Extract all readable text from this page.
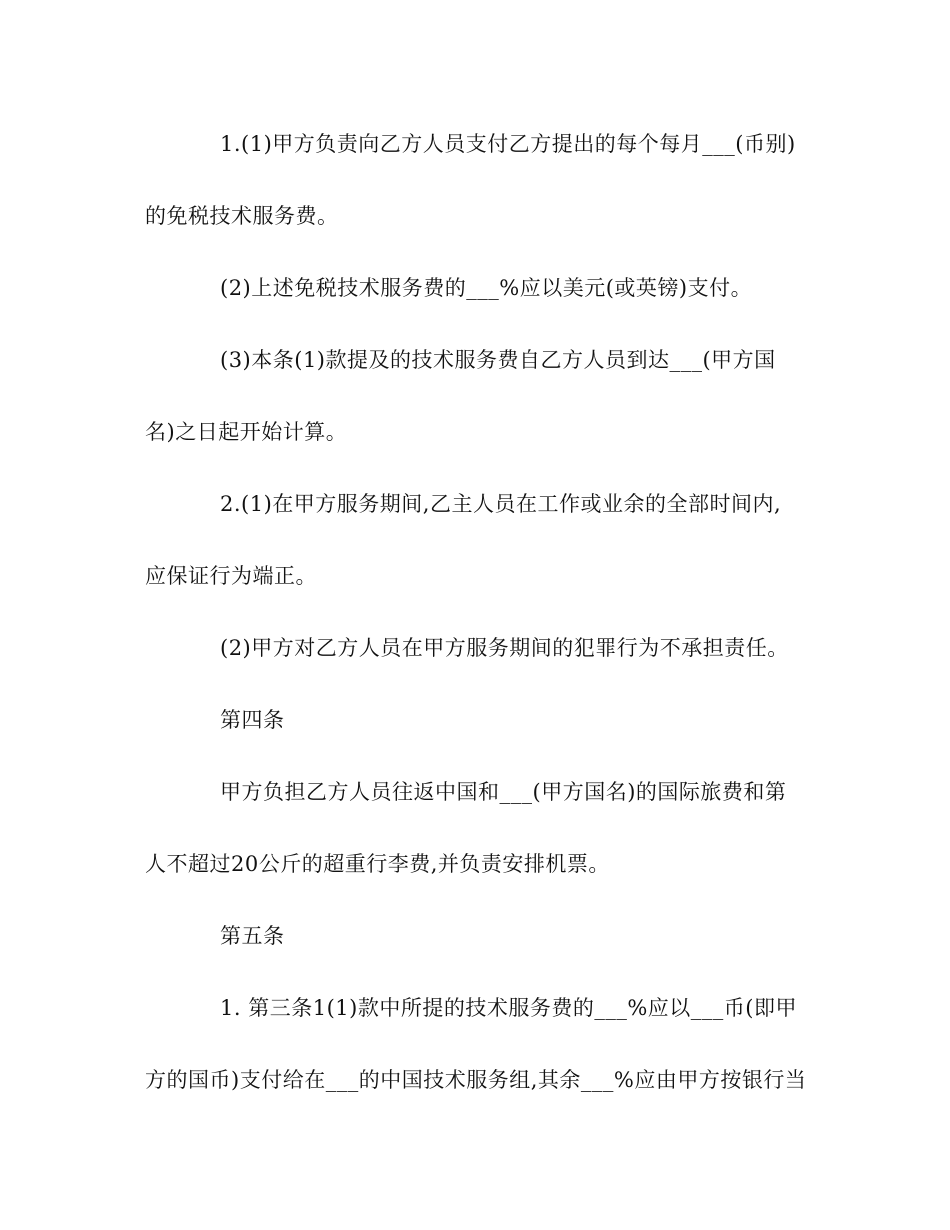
1.(1)甲方负责向乙方人员支付乙方提出的每个每月___(币别)
的免税技术服务费。
(2)上述免税技术服务费的___%应以美元(或英镑)支付。
(3)本条(1)款提及的技术服务费自乙方人员到达___(甲方国
名)之日起开始计算。
2.(1)在甲方服务期间,乙主人员在工作或业余的全部时间内,
应保证行为端正。
(2)甲方对乙方人员在甲方服务期间的犯罪行为不承担责任。
第四条
甲方负担乙方人员往返中国和___(甲方国名)的国际旅费和第
人不超过20公斤的超重行李费,并负责安排机票。
第五条
1. 第三条1(1)款中所提的技术服务费的___%应以___币(即甲
方的国币)支付给在___的中国技术服务组,其余___%应由甲方按银行当
